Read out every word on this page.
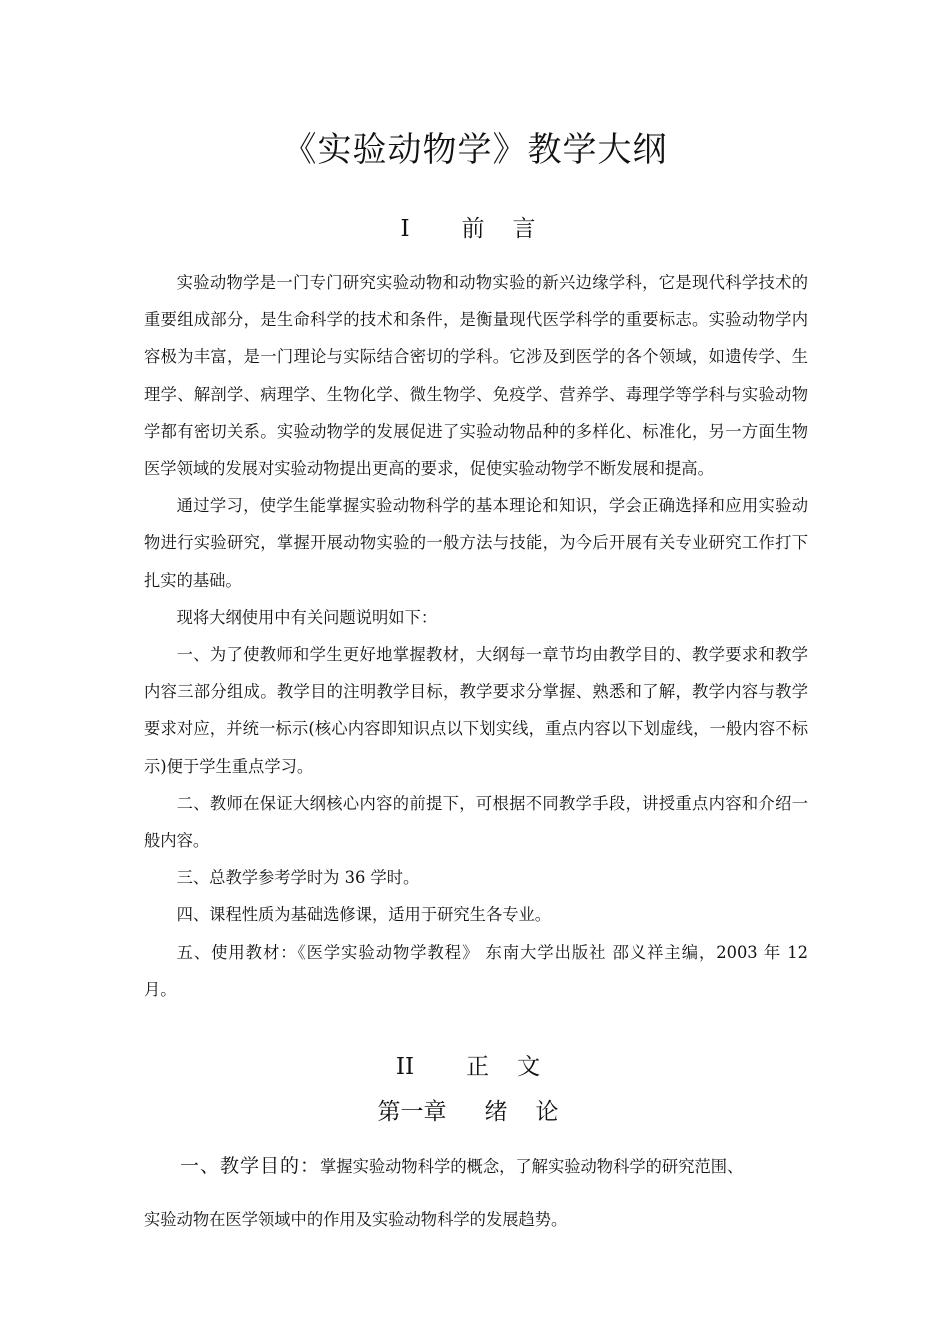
《实验动物学》教学大纲
Ⅰ 前 言

实验动物学是一门专门研究实验动物和动物实验的新兴边缘学科，它是现代科学技术的重要组成部分，是生命科学的技术和条件，是衡量现代医学科学的重要标志。实验动物学内容极为丰富，是一门理论与实际结合密切的学科。它涉及到医学的各个领域，如遗传学、生理学、解剖学、病理学、生物化学、微生物学、免疫学、营养学、毒理学等学科与实验动物学都有密切关系。实验动物学的发展促进了实验动物品种的多样化、标准化，另一方面生物医学领域的发展对实验动物提出更高的要求，促使实验动物学不断发展和提高。

通过学习，使学生能掌握实验动物科学的基本理论和知识，学会正确选择和应用实验动物进行实验研究，掌握开展动物实验的一般方法与技能，为今后开展有关专业研究工作打下扎实的基础。

现将大纲使用中有关问题说明如下：

一、为了使教师和学生更好地掌握教材，大纲每一章节均由教学目的、教学要求和教学内容三部分组成。教学目的注明教学目标，教学要求分掌握、熟悉和了解，教学内容与教学要求对应，并统一标示(核心内容即知识点以下划实线，重点内容以下划虚线，一般内容不标示)便于学生重点学习。

二、教师在保证大纲核心内容的前提下，可根据不同教学手段，讲授重点内容和介绍一般内容。

三、总教学参考学时为 36 学时。

四、课程性质为基础选修课，适用于研究生各专业。

五、使用教材：《医学实验动物学教程》 东南大学出版社 邵义祥主编，2003 年 12 月。

II 正 文
第一章 绪 论

一、教学目的：掌握实验动物科学的概念，了解实验动物科学的研究范围、
实验动物在医学领域中的作用及实验动物科学的发展趋势。
